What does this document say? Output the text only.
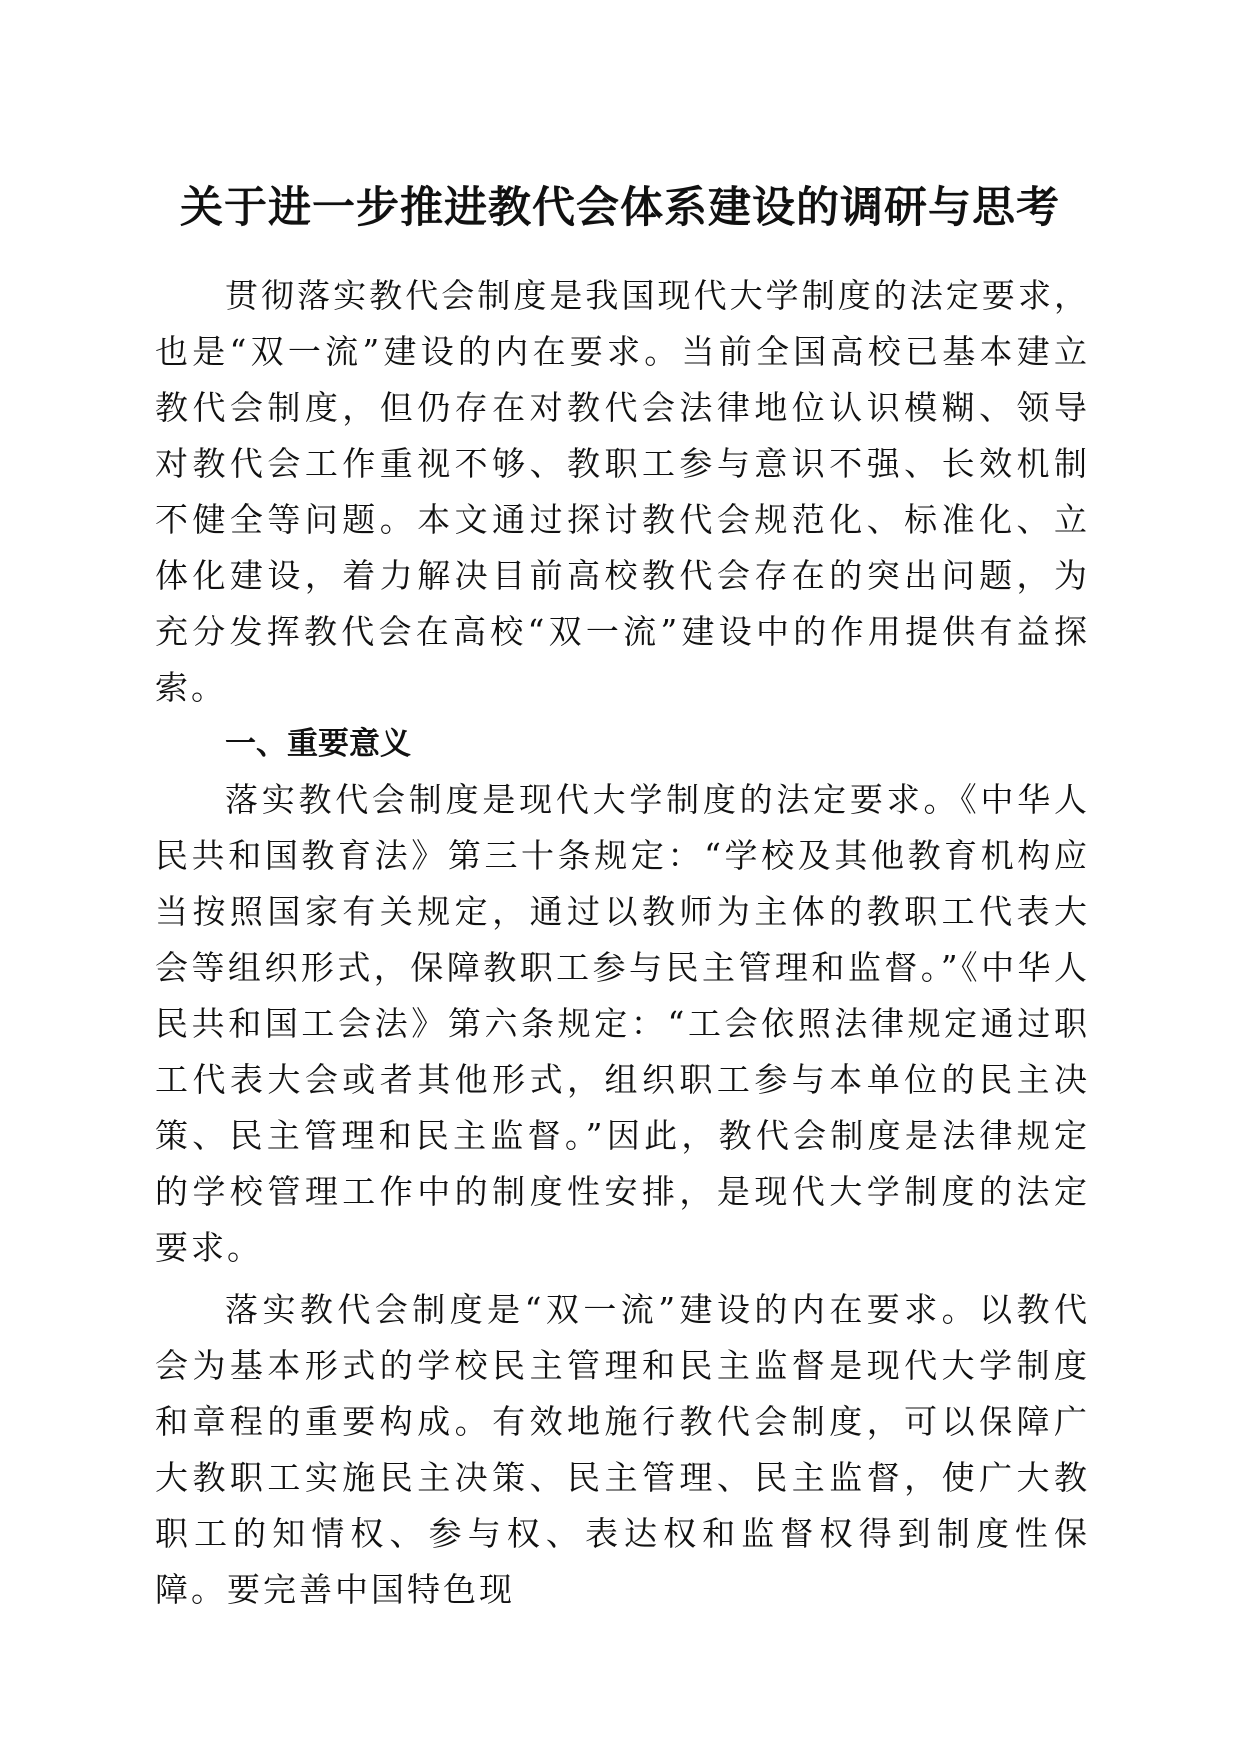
关于进一步推进教代会体系建设的调研与思考

贯彻落实教代会制度是我国现代大学制度的法定要求，也是“双一流”建设的内在要求。当前全国高校已基本建立教代会制度，但仍存在对教代会法律地位认识模糊、领导对教代会工作重视不够、教职工参与意识不强、长效机制不健全等问题。本文通过探讨教代会规范化、标准化、立体化建设，着力解决目前高校教代会存在的突出问题，为充分发挥教代会在高校“双一流”建设中的作用提供有益探索。

一、重要意义

落实教代会制度是现代大学制度的法定要求。《中华人民共和国教育法》第三十条规定：“学校及其他教育机构应当按照国家有关规定，通过以教师为主体的教职工代表大会等组织形式，保障教职工参与民主管理和监督。”《中华人民共和国工会法》第六条规定：“工会依照法律规定通过职工代表大会或者其他形式，组织职工参与本单位的民主决策、民主管理和民主监督。”因此，教代会制度是法律规定的学校管理工作中的制度性安排，是现代大学制度的法定要求。

落实教代会制度是“双一流”建设的内在要求。以教代会为基本形式的学校民主管理和民主监督是现代大学制度和章程的重要构成。有效地施行教代会制度，可以保障广大教职工实施民主决策、民主管理、民主监督，使广大教职工的知情权、参与权、表达权和监督权得到制度性保障。要完善中国特色现
